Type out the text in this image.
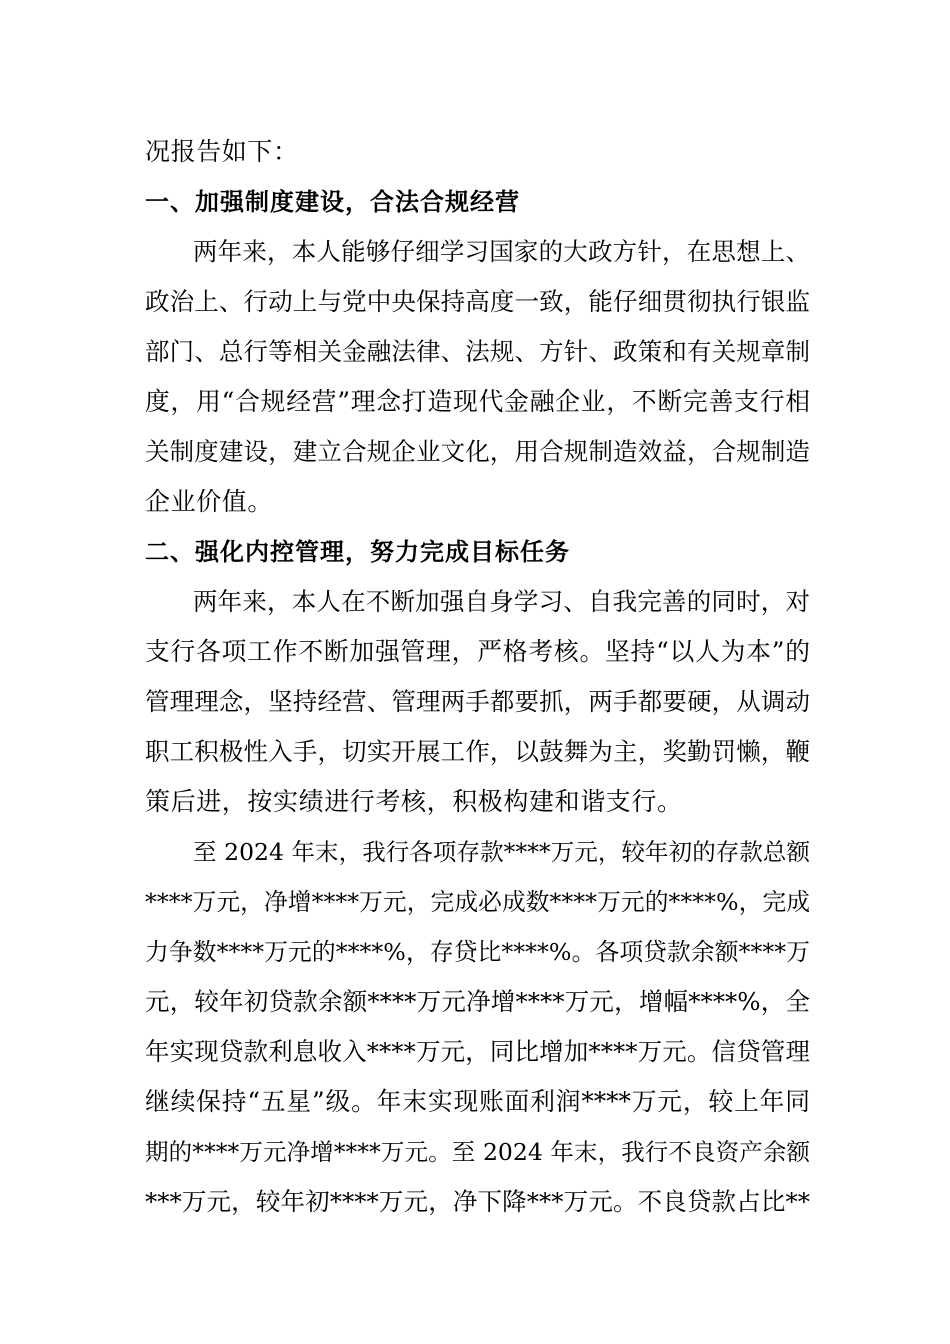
况报告如下：
一、加强制度建设，合法合规经营
两年来，本人能够仔细学习国家的大政方针，在思想上、
政治上、行动上与党中央保持高度一致，能仔细贯彻执行银监
部门、总行等相关金融法律、法规、方针、政策和有关规章制
度，用“合规经营”理念打造现代金融企业，不断完善支行相
关制度建设，建立合规企业文化，用合规制造效益，合规制造
企业价值。
二、强化内控管理，努力完成目标任务
两年来，本人在不断加强自身学习、自我完善的同时，对
支行各项工作不断加强管理，严格考核。坚持“以人为本”的
管理理念，坚持经营、管理两手都要抓，两手都要硬，从调动
职工积极性入手，切实开展工作，以鼓舞为主，奖勤罚懒，鞭
策后进，按实绩进行考核，积极构建和谐支行。
至 2024 年末，我行各项存款****万元，较年初的存款总额
****万元，净增****万元，完成必成数****万元的****%，完成
力争数****万元的****%，存贷比****%。各项贷款余额****万
元，较年初贷款余额****万元净增****万元，增幅****%，全
年实现贷款利息收入****万元，同比增加****万元。信贷管理
继续保持“五星”级。年末实现账面利润****万元，较上年同
期的****万元净增****万元。至 2024 年末，我行不良资产余额
***万元，较年初****万元，净下降***万元。不良贷款占比**
